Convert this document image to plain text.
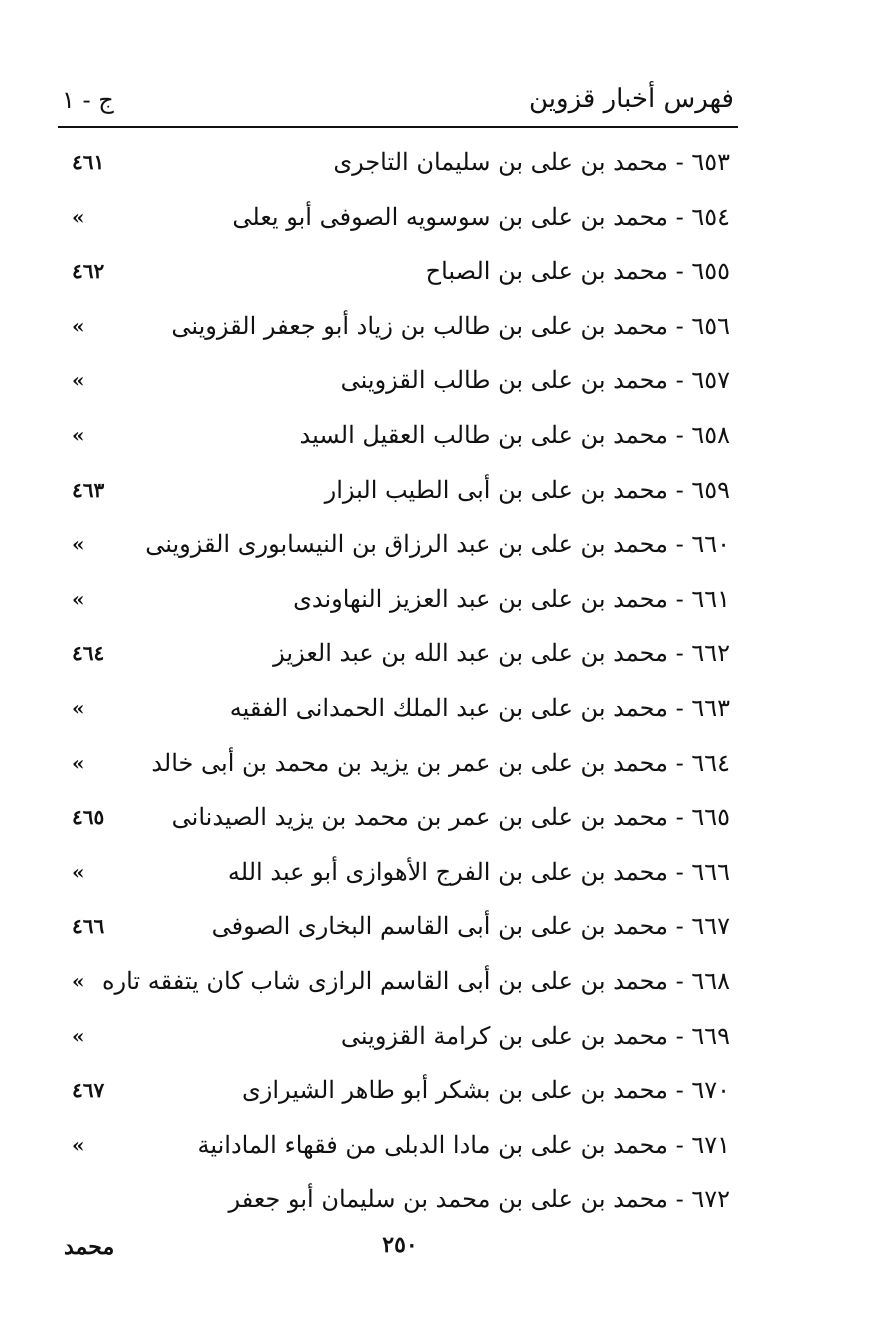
فهرس أخبار قزوين
ج - ١
٦٥٣ - محمد بن على بن سليمان التاجرى
٤٦١
٦٥٤ - محمد بن على بن سوسويه الصوفى أبو يعلى
»
٦٥٥ - محمد بن على بن الصباح
٤٦٢
٦٥٦ - محمد بن على بن طالب بن زياد أبو جعفر القزوينى
»
٦٥٧ - محمد بن على بن طالب القزوينى
»
٦٥٨ - محمد بن على بن طالب العقيل السيد
»
٦٥٩ - محمد بن على بن أبى الطيب البزار
٤٦٣
٦٦٠ - محمد بن على بن عبد الرزاق بن النيسابورى القزوينى
»
٦٦١ - محمد بن على بن عبد العزيز النهاوندى
»
٦٦٢ - محمد بن على بن عبد الله بن عبد العزيز
٤٦٤
٦٦٣ - محمد بن على بن عبد الملك الحمدانى الفقيه
»
٦٦٤ - محمد بن على بن عمر بن يزيد بن محمد بن أبى خالد
»
٦٦٥ - محمد بن على بن عمر بن محمد بن يزيد الصيدنانى
٤٦٥
٦٦٦ - محمد بن على بن الفرج الأهوازى أبو عبد الله
»
٦٦٧ - محمد بن على بن أبى القاسم البخارى الصوفى
٤٦٦
٦٦٨ - محمد بن على بن أبى القاسم الرازى شاب كان يتفقه تاره
»
٦٦٩ - محمد بن على بن كرامة القزوينى
»
٦٧٠ - محمد بن على بن بشكر أبو طاهر الشيرازى
٤٦٧
٦٧١ - محمد بن على بن مادا الدبلى من فقهاء المادانية
»
٦٧٢ - محمد بن على بن محمد بن سليمان أبو جعفر
٢٥٠
محمد
